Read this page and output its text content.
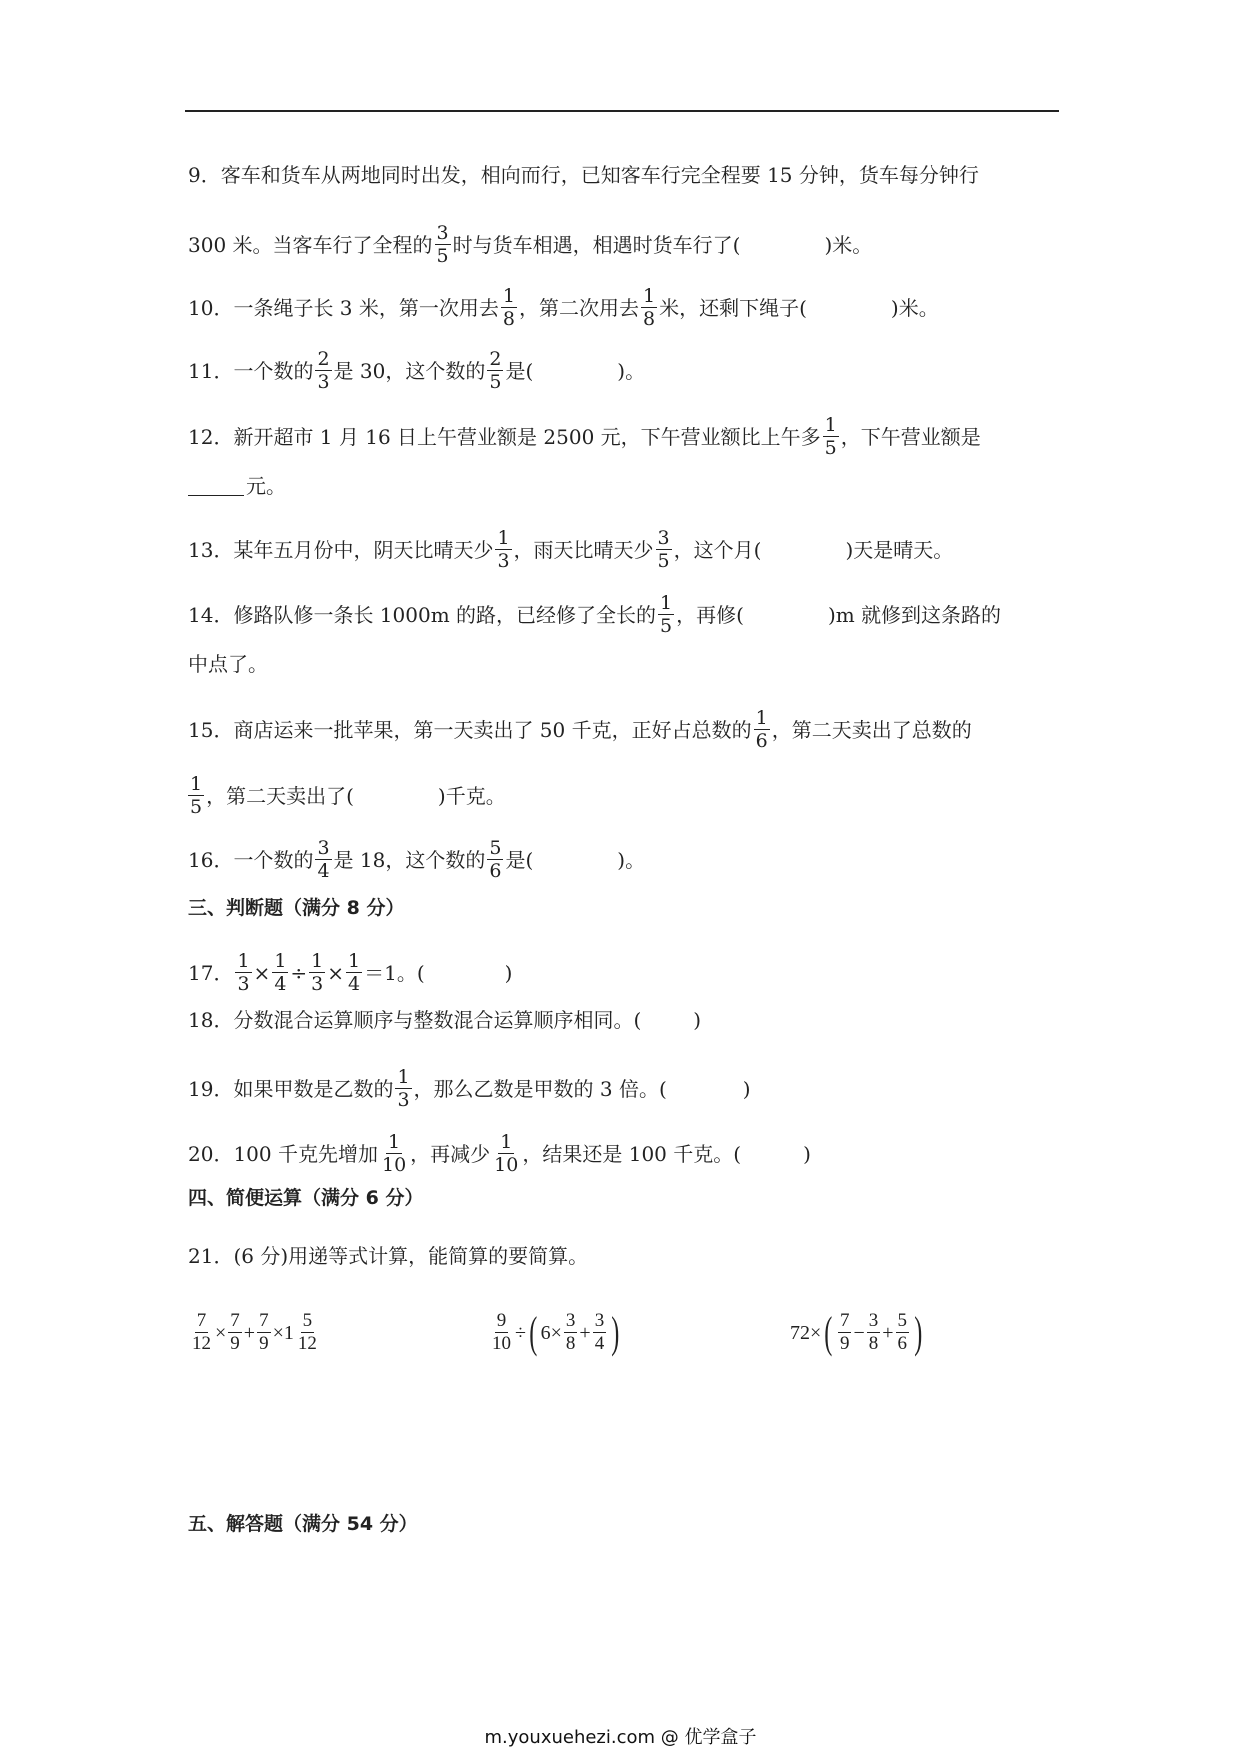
9．客车和货车从两地同时出发，相向而行，已知客车行完全程要 15 分钟，货车每分钟行
300 米。当客车行了全程的 $\frac{3}{5}$ 时与货车相遇，相遇时货车行了(	)米。
10．一条绳子长 3 米，第一次用去 $\frac{1}{8}$ ，第二次用去 $\frac{1}{8}$ 米，还剩下绳子(	)米。
11．一个数的 $\frac{2}{3}$ 是 30，这个数的 $\frac{2}{5}$ 是(	)。
12．新开超市 1 月 16 日上午营业额是 2500 元，下午营业额比上午多 $\frac{1}{5}$ ，下午营业额是
元。
13．某年五月份中，阴天比晴天少 $\frac{1}{3}$ ，雨天比晴天少 $\frac{3}{5}$ ，这个月(	)天是晴天。
14．修路队修一条长 1000m 的路，已经修了全长的 $\frac{1}{5}$ ，再修(	)m 就修到这条路的
中点了。
15．商店运来一批苹果，第一天卖出了 50 千克，正好占总数的 $\frac{1}{6}$ ，第二天卖出了总数的
$\frac{1}{5}$ ，第二天卖出了(	)千克。
16．一个数的 $\frac{3}{4}$ 是 18，这个数的 $\frac{5}{6}$ 是(	)。
三、判断题（满分 8 分）
17． $\frac{1}{3} \times \frac{1}{4} \div \frac{1}{3} \times \frac{1}{4} =1$。(	)
18．分数混合运算顺序与整数混合运算顺序相同。(	)
19．如果甲数是乙数的 $\frac{1}{3}$ ，那么乙数是甲数的 3 倍。(	)
20．100 千克先增加 $\frac{1}{10}$ ，再减少 $\frac{1}{10}$ ，结果还是 100 千克。(	)
四、简便运算（满分 6 分）
21．(6 分)用递等式计算，能简算的要简算。
$\frac{7}{12} \times \frac{7}{9} + \frac{7}{9} \times 1 \frac{5}{12}$	$\frac{9}{10}$ ÷ ( $6 \times \frac{3}{8} + \frac{3}{4}$ )	72 × ( $\frac{7}{9} - \frac{3}{8} + \frac{5}{6}$ )
五、解答题（满分 54 分）
m.youxuehezi.com @ 优学盒子
